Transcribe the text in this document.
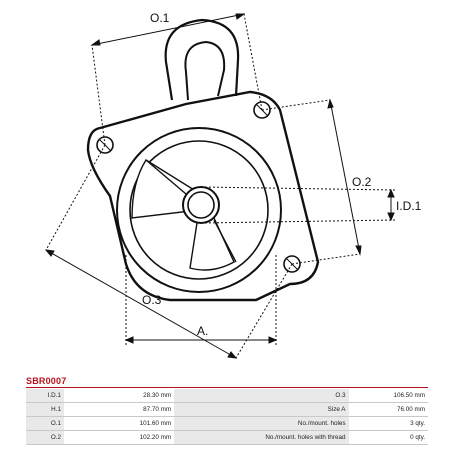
O.1
O.2
I.D.1
O.3
A.
SBR0007
I.D.1	28.30 mm	O.3	106.50 mm
H.1	87.70 mm	Size A	76.00 mm
O.1	101.60 mm	No./mount. holes	3 qty.
O.2	102.20 mm	No./mount. holes with thread	0 qty.
